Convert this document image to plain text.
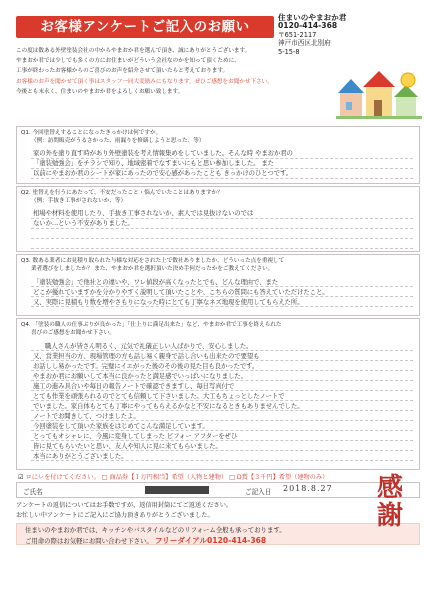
お客様アンケートご記入のお願い
住まいのやまおか君
0120-414-368
〒651-2117
神戸市西区北別府
5-15-8
この度は数ある外壁塗装会社の中からやまおか君を選んで頂き、誠にありがとうございます。
やまおか君では少しでも多くの方にお住まいがどういう会社なのかを知って頂くために、
工事が終わったお客様からのご喜びのお声を紹介させて頂いたらと考えております。
お客様のお声を聞かせて頂く事はスタッフ一同大変励みにもなります。ぜひご感想をお聞かせ下さい。
今後とも末永く、住まいのやまおか君をよろしくお願い致します。
Q1. 今回塗替えすることになったきっかけは何ですか。
（例：訪問販売がうるさかった、雨漏りを修繕しようと思った、等）
家の外を塗り直す時があり外壁塗装を考え情報集めをしていました。そんな時 やまおか君の
「塗装勉強会」をチラシで知り、地域密着でなすまいにもと思い参加しました。 また
以前にやまおか君のシートが家にあったので安心感があったことも きっかけのひとつです。
Q2. 塗替えを行うにあたって、不安だったこと・悩んでいたことはありますか？
（例：手抜き工事がされないか、等）
相場や材料を使用したり、手抜き工事されないか、素人では見抜けないのでは
ないか…という不安がありました。
Q3. 数ある業者にお見積り取られた与様な対応をされた上で数社ありましたか、どういった点を重視して
業者選びをしましたか？ また、やまおか君を選択頂いた決め手何だったかをご教えてください。
「塗装勉強会」で他社との違いや、ワレ値段が高くなったとでも、どんな理由で、また
どこが優れていますかを分かりやすく説明して頂いたことや、こちらの質問にも答えていただけたこと。
又、実際に見積もり数を増やさもりになった時にとても丁寧なネズ地現を使用してもらえた所。
Q4. 「塗装の職人の仕事ぶりが良かった」「仕上りに満足出来た」など、やまおか君で工事を終えられた
喜びのご感想をお聞かせ下さい。
職人さんが皆さん明るく、元気で礼儀正しい人ばかりで、安心しました。
又、営業担当の方、現場管理の方も話し易く親身で話し合いも出来たので要望も
お話しし易かったです。完璧にイエがった後のその後の見た目も良かったです。
やまおか君にお願いして本当に良かったと満足感でいっぱいになりました。
施工の進み具合いや毎日の報告ノートで確認できますし、毎日写真付で
とても作業を頑張られるのでとても信頼して下さいました。大工もちょっとしたノートで
でいました。家自体もとても丁寧にやってもらえるかなと不安になるときもありませんでした。
ノートでお聞きして、つけましたよ。
今回塗装をして頂いた家族をはじめてこんな満足しています。
とってもオシャレに、今風に変身してしまった ビフォー アフターをぜひ
皆に見てもらいたいと思い、友人や知人に見に来てもらいました。
本当にありがとうございました。
☑ ロにレを付けてください。 □ 商品券【１万円相当】希望（人物と建物） □ D賞【３千円】希望（建物のみ）
ご氏名	ご記入日 2018.8.27
アンケートの返信についてはお手数ですが、返信用封筒にてご返送ください。
お忙しい中アンケートにご記入にご協力頂きありがとうございました。
住まいのやまおか君では、キッチンやバスタイルなどのリフォーム全般も承っております。
ご用命の際はお気軽にお問い合わせ下さい。 フリーダイアル0120-414-368
感
謝
